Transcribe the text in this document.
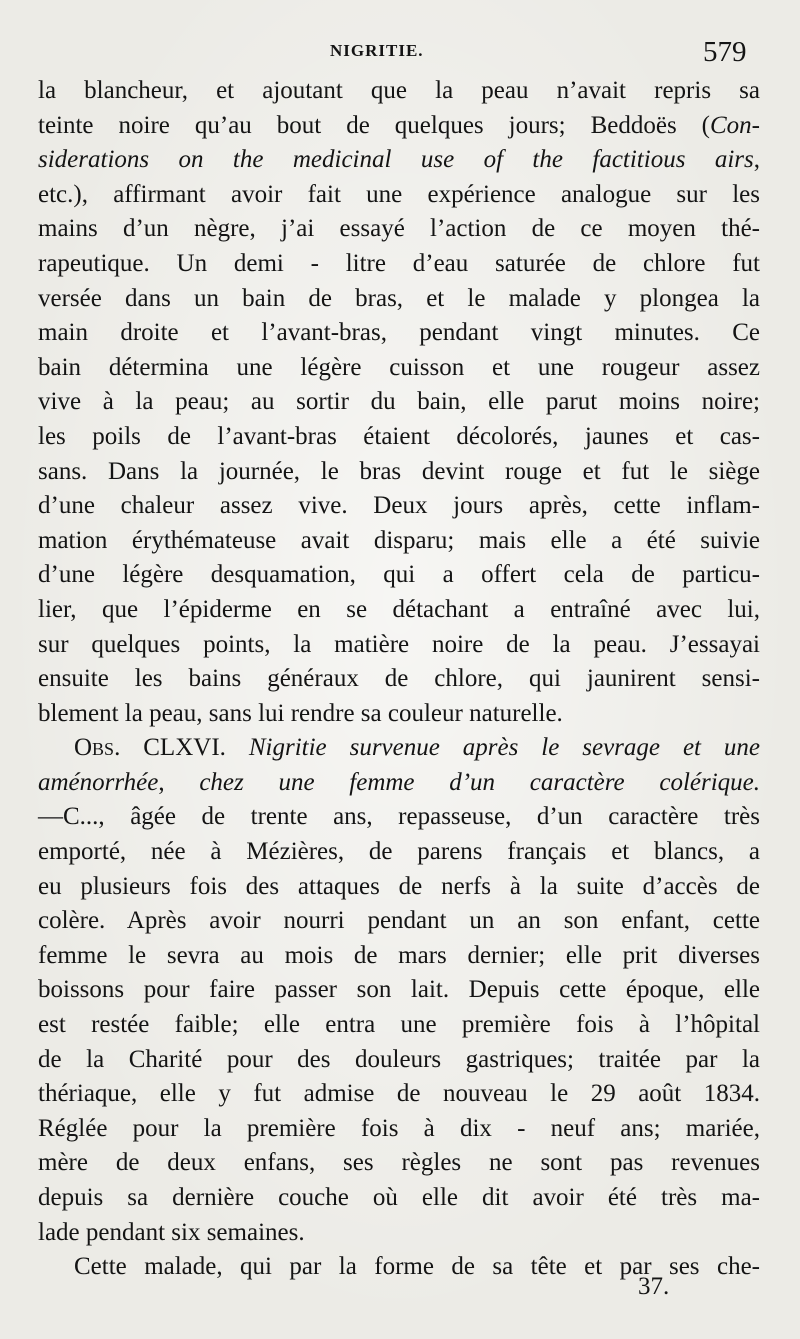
NIGRITIE.	579
la blancheur, et ajoutant que la peau n’avait repris sa
teinte noire qu’au bout de quelques jours; Beddoës (Con-
siderations on the medicinal use of the factitious airs,
etc.), affirmant avoir fait une expérience analogue sur les
mains d’un nègre, j’ai essayé l’action de ce moyen thé-
rapeutique. Un demi - litre d’eau saturée de chlore fut
versée dans un bain de bras, et le malade y plongea la
main droite et l’avant-bras, pendant vingt minutes. Ce
bain détermina une légère cuisson et une rougeur assez
vive à la peau; au sortir du bain, elle parut moins noire;
les poils de l’avant-bras étaient décolorés, jaunes et cas-
sans. Dans la journée, le bras devint rouge et fut le siège
d’une chaleur assez vive. Deux jours après, cette inflam-
mation érythémateuse avait disparu; mais elle a été suivie
d’une légère desquamation, qui a offert cela de particu-
lier, que l’épiderme en se détachant a entraîné avec lui,
sur quelques points, la matière noire de la peau. J’essayai
ensuite les bains généraux de chlore, qui jaunirent sensi-
blement la peau, sans lui rendre sa couleur naturelle.
Obs. CLXVI. Nigritie survenue après le sevrage et une
aménorrhée, chez une femme d’un caractère colérique.
—C..., âgée de trente ans, repasseuse, d’un caractère très
emporté, née à Mézières, de parens français et blancs, a
eu plusieurs fois des attaques de nerfs à la suite d’accès de
colère. Après avoir nourri pendant un an son enfant, cette
femme le sevra au mois de mars dernier; elle prit diverses
boissons pour faire passer son lait. Depuis cette époque, elle
est restée faible; elle entra une première fois à l’hôpital
de la Charité pour des douleurs gastriques; traitée par la
thériaque, elle y fut admise de nouveau le 29 août 1834.
Réglée pour la première fois à dix - neuf ans; mariée,
mère de deux enfans, ses règles ne sont pas revenues
depuis sa dernière couche où elle dit avoir été très ma-
lade pendant six semaines.
Cette malade, qui par la forme de sa tête et par ses che-
37.
